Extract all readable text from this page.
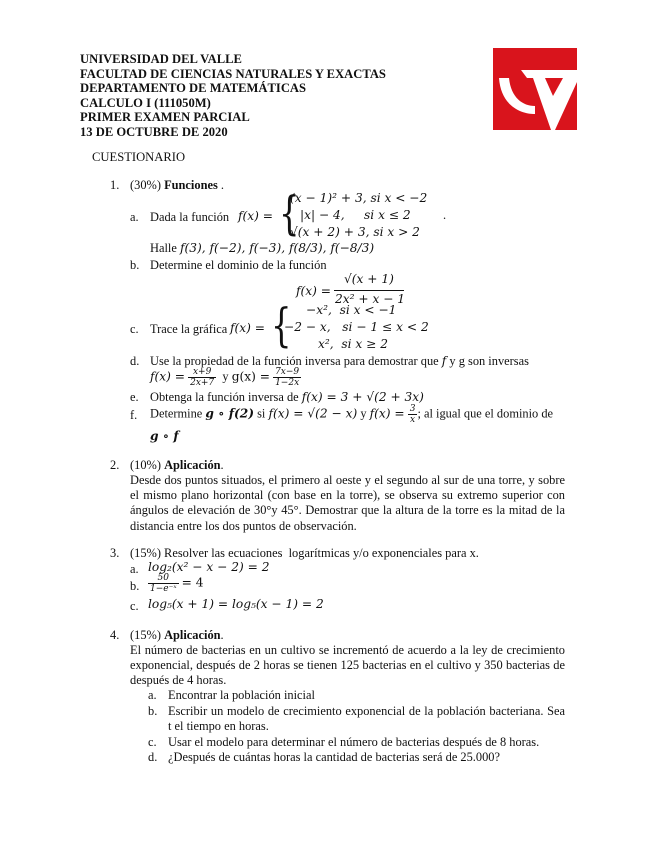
UNIVERSIDAD DEL VALLE
FACULTAD DE CIENCIAS NATURALES Y EXACTAS
DEPARTAMENTO DE MATEMÁTICAS
CALCULO I (111050M)
PRIMER EXAMEN PARCIAL
13 DE OCTUBRE DE 2020
CUESTIONARIO
1. (30%) Funciones .
a. Dada la función f(x) = {
(x − 1)² + 3, si x < −2
|x| − 4,     si x ≤ 2
√(x + 2) + 3, si x > 2
.
Halle f(3), f(−2), f(−3), f(8/3), f(−8/3)
b. Determine el dominio de la función
f(x) =
√(x + 1)
2x² + x − 1
c. Trace la gráfica f(x) = { −x²,  si x < −1
−2 − x,   si − 1 ≤ x < 2
x²,  si x ≥ 2
d. Use la propiedad de la función inversa para demostrar que f y g son inversas
$f(x) = \frac{x+9}{2x+7}$ y $g(x) = \frac{7x-9}{1-2x}$
e. Obtenga la función inversa de f(x) = 3 + √(2 + 3x)
f. Determine g ∘ f(2) si f(x) = √(2 − x) y $f(x) = \frac{3}{x}$ ; al igual que el dominio de
g ∘ f
2. (10%) Aplicación.
Desde dos puntos situados, el primero al oeste y el segundo al sur de una torre, y sobre el mismo plano horizontal (con base en la torre), se observa su extremo superior con ángulos de elevación de 30°y 45°. Demostrar que la altura de la torre es la mitad de la distancia entre los dos puntos de observación.
3. (15%) Resolver las ecuaciones  logarítmicas y/o exponenciales para x.
a. log₂(x² − x − 2) = 2
b. $\frac{50}{\text{1−e⁻ˣ}} = 4$
c. log₅(x + 1) = log₅(x − 1) = 2
4. (15%) Aplicación.
El número de bacterias en un cultivo se incrementó de acuerdo a la ley de crecimiento exponencial, después de 2 horas se tienen 125 bacterias en el cultivo y 350 bacterias de después de 4 horas.
a. Encontrar la población inicial
b. Escribir un modelo de crecimiento exponencial de la población bacteriana. Sea t el tiempo en horas.
c. Usar el modelo para determinar el número de bacterias después de 8 horas.
d. ¿Después de cuántas horas la cantidad de bacterias será de 25.000?
